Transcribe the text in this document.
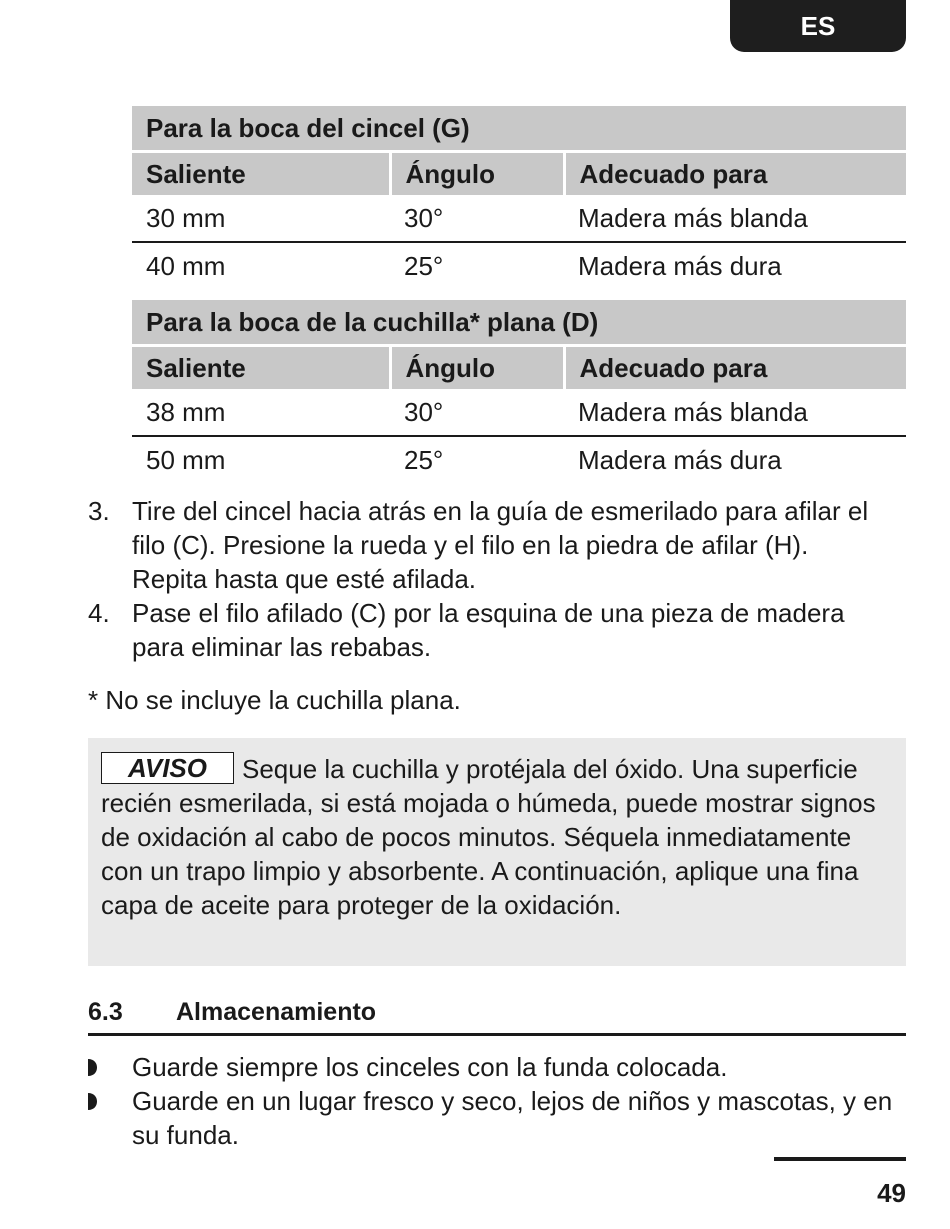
ES
Para la boca del cincel (G)		
Saliente	Ángulo	Adecuado para
30 mm	30°	Madera más blanda
40 mm	25°	Madera más dura
Para la boca de la cuchilla* plana (D)		
Saliente	Ángulo	Adecuado para
38 mm	30°	Madera más blanda
50 mm	25°	Madera más dura
3. Tire del cincel hacia atrás en la guía de esmerilado para afilar el filo (C). Presione la rueda y el filo en la piedra de afilar (H). Repita hasta que esté afilada.
4. Pase el filo afilado (C) por la esquina de una pieza de madera para eliminar las rebabas.
* No se incluye la cuchilla plana.
AVISO Seque la cuchilla y protéjala del óxido. Una superficie recién esmerilada, si está mojada o húmeda, puede mostrar signos de oxidación al cabo de pocos minutos. Séquela inmediatamente con un trapo limpio y absorbente. A continuación, aplique una fina capa de aceite para proteger de la oxidación.
6.3 Almacenamiento
Guarde siempre los cinceles con la funda colocada.
Guarde en un lugar fresco y seco, lejos de niños y mascotas, y en su funda.
49
